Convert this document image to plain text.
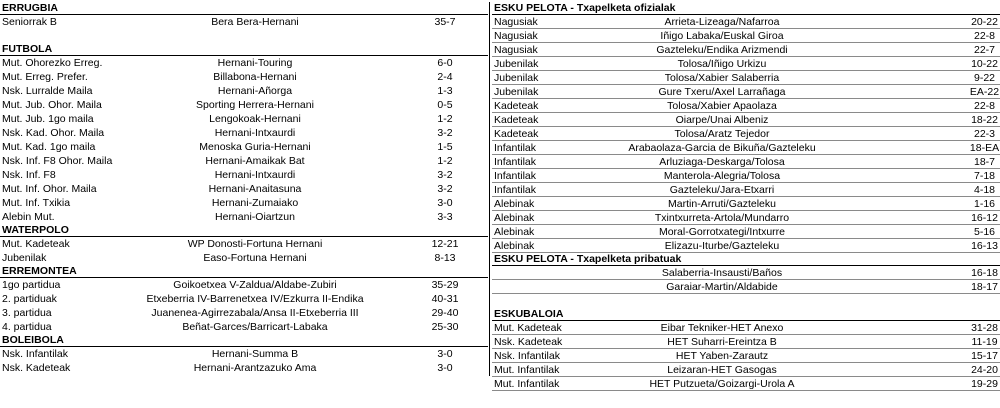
ERRUGBIA
Seniorrak B	Bera Bera-Hernani	35-7
FUTBOLA
Mut. Ohorezko Erreg.	Hernani-Touring	6-0
Mut. Erreg. Prefer.	Billabona-Hernani	2-4
Nsk. Lurralde Maila	Hernani-Añorga	1-3
Mut. Jub. Ohor. Maila	Sporting Herrera-Hernani	0-5
Mut. Jub. 1go maila	Lengokoak-Hernani	1-2
Nsk. Kad. Ohor. Maila	Hernani-Intxaurdi	3-2
Mut. Kad. 1go maila	Menoska Guria-Hernani	1-5
Nsk. Inf. F8 Ohor. Maila	Hernani-Amaikak Bat	1-2
Nsk. Inf. F8	Hernani-Intxaurdi	3-2
Mut. Inf. Ohor. Maila	Hernani-Anaitasuna	3-2
Mut. Inf. Txikia	Hernani-Zumaiako	3-0
Alebin Mut.	Hernani-Oiartzun	3-3
WATERPOLO
Mut. Kadeteak	WP Donosti-Fortuna Hernani	12-21
Jubenilak	Easo-Fortuna Hernani	8-13
ERREMONTEA
1go partidua	Goikoetxea V-Zaldua/Aldabe-Zubiri	35-29
2. partiduak	Etxeberria IV-Barrenetxea IV/Ezkurra II-Endika	40-31
3. partidua	Juanenea-Agirrezabala/Ansa II-Etxeberria III	29-40
4. partidua	Beñat-Garces/Barricart-Labaka	25-30
BOLEIBOLA
Nsk. Infantilak	Hernani-Summa B	3-0
Nsk. Kadeteak	Hernani-Arantzazuko Ama	3-0
ESKU PELOTA - Txapelketa ofizialak
Nagusiak	Arrieta-Lizeaga/Nafarroa	20-22
Nagusiak	Iñigo Labaka/Euskal Giroa	22-8
Nagusiak	Gazteleku/Endika Arizmendi	22-7
Jubenilak	Tolosa/Iñigo Urkizu	10-22
Jubenilak	Tolosa/Xabier Salaberria	9-22
Jubenilak	Gure Txeru/Axel Larrañaga	EA-22
Kadeteak	Tolosa/Xabier Apaolaza	22-8
Kadeteak	Oiarpe/Unai Albeniz	18-22
Kadeteak	Tolosa/Aratz Tejedor	22-3
Infantilak	Arabaolaza-Garcia de Bikuña/Gazteleku	18-EA
Infantilak	Arluziaga-Deskarga/Tolosa	18-7
Infantilak	Manterola-Alegria/Tolosa	7-18
Infantilak	Gazteleku/Jara-Etxarri	4-18
Alebinak	Martin-Arruti/Gazteleku	1-16
Alebinak	Txintxurreta-Artola/Mundarro	16-12
Alebinak	Moral-Gorrotxategi/Intxurre	5-16
Alebinak	Elizazu-Iturbe/Gazteleku	16-13
ESKU PELOTA - Txapelketa pribatuak
Salaberria-Insausti/Baños	16-18
Garaiar-Martin/Aldabide	18-17
ESKUBALOIA
Mut. Kadeteak	Eibar Tekniker-HET Anexo	31-28
Nsk. Kadeteak	HET Suharri-Ereintza B	11-19
Nsk. Infantilak	HET Yaben-Zarautz	15-17
Mut. Infantilak	Leizaran-HET Gasogas	24-20
Mut. Infantilak	HET Putzueta/Goizargi-Urola A	19-29
